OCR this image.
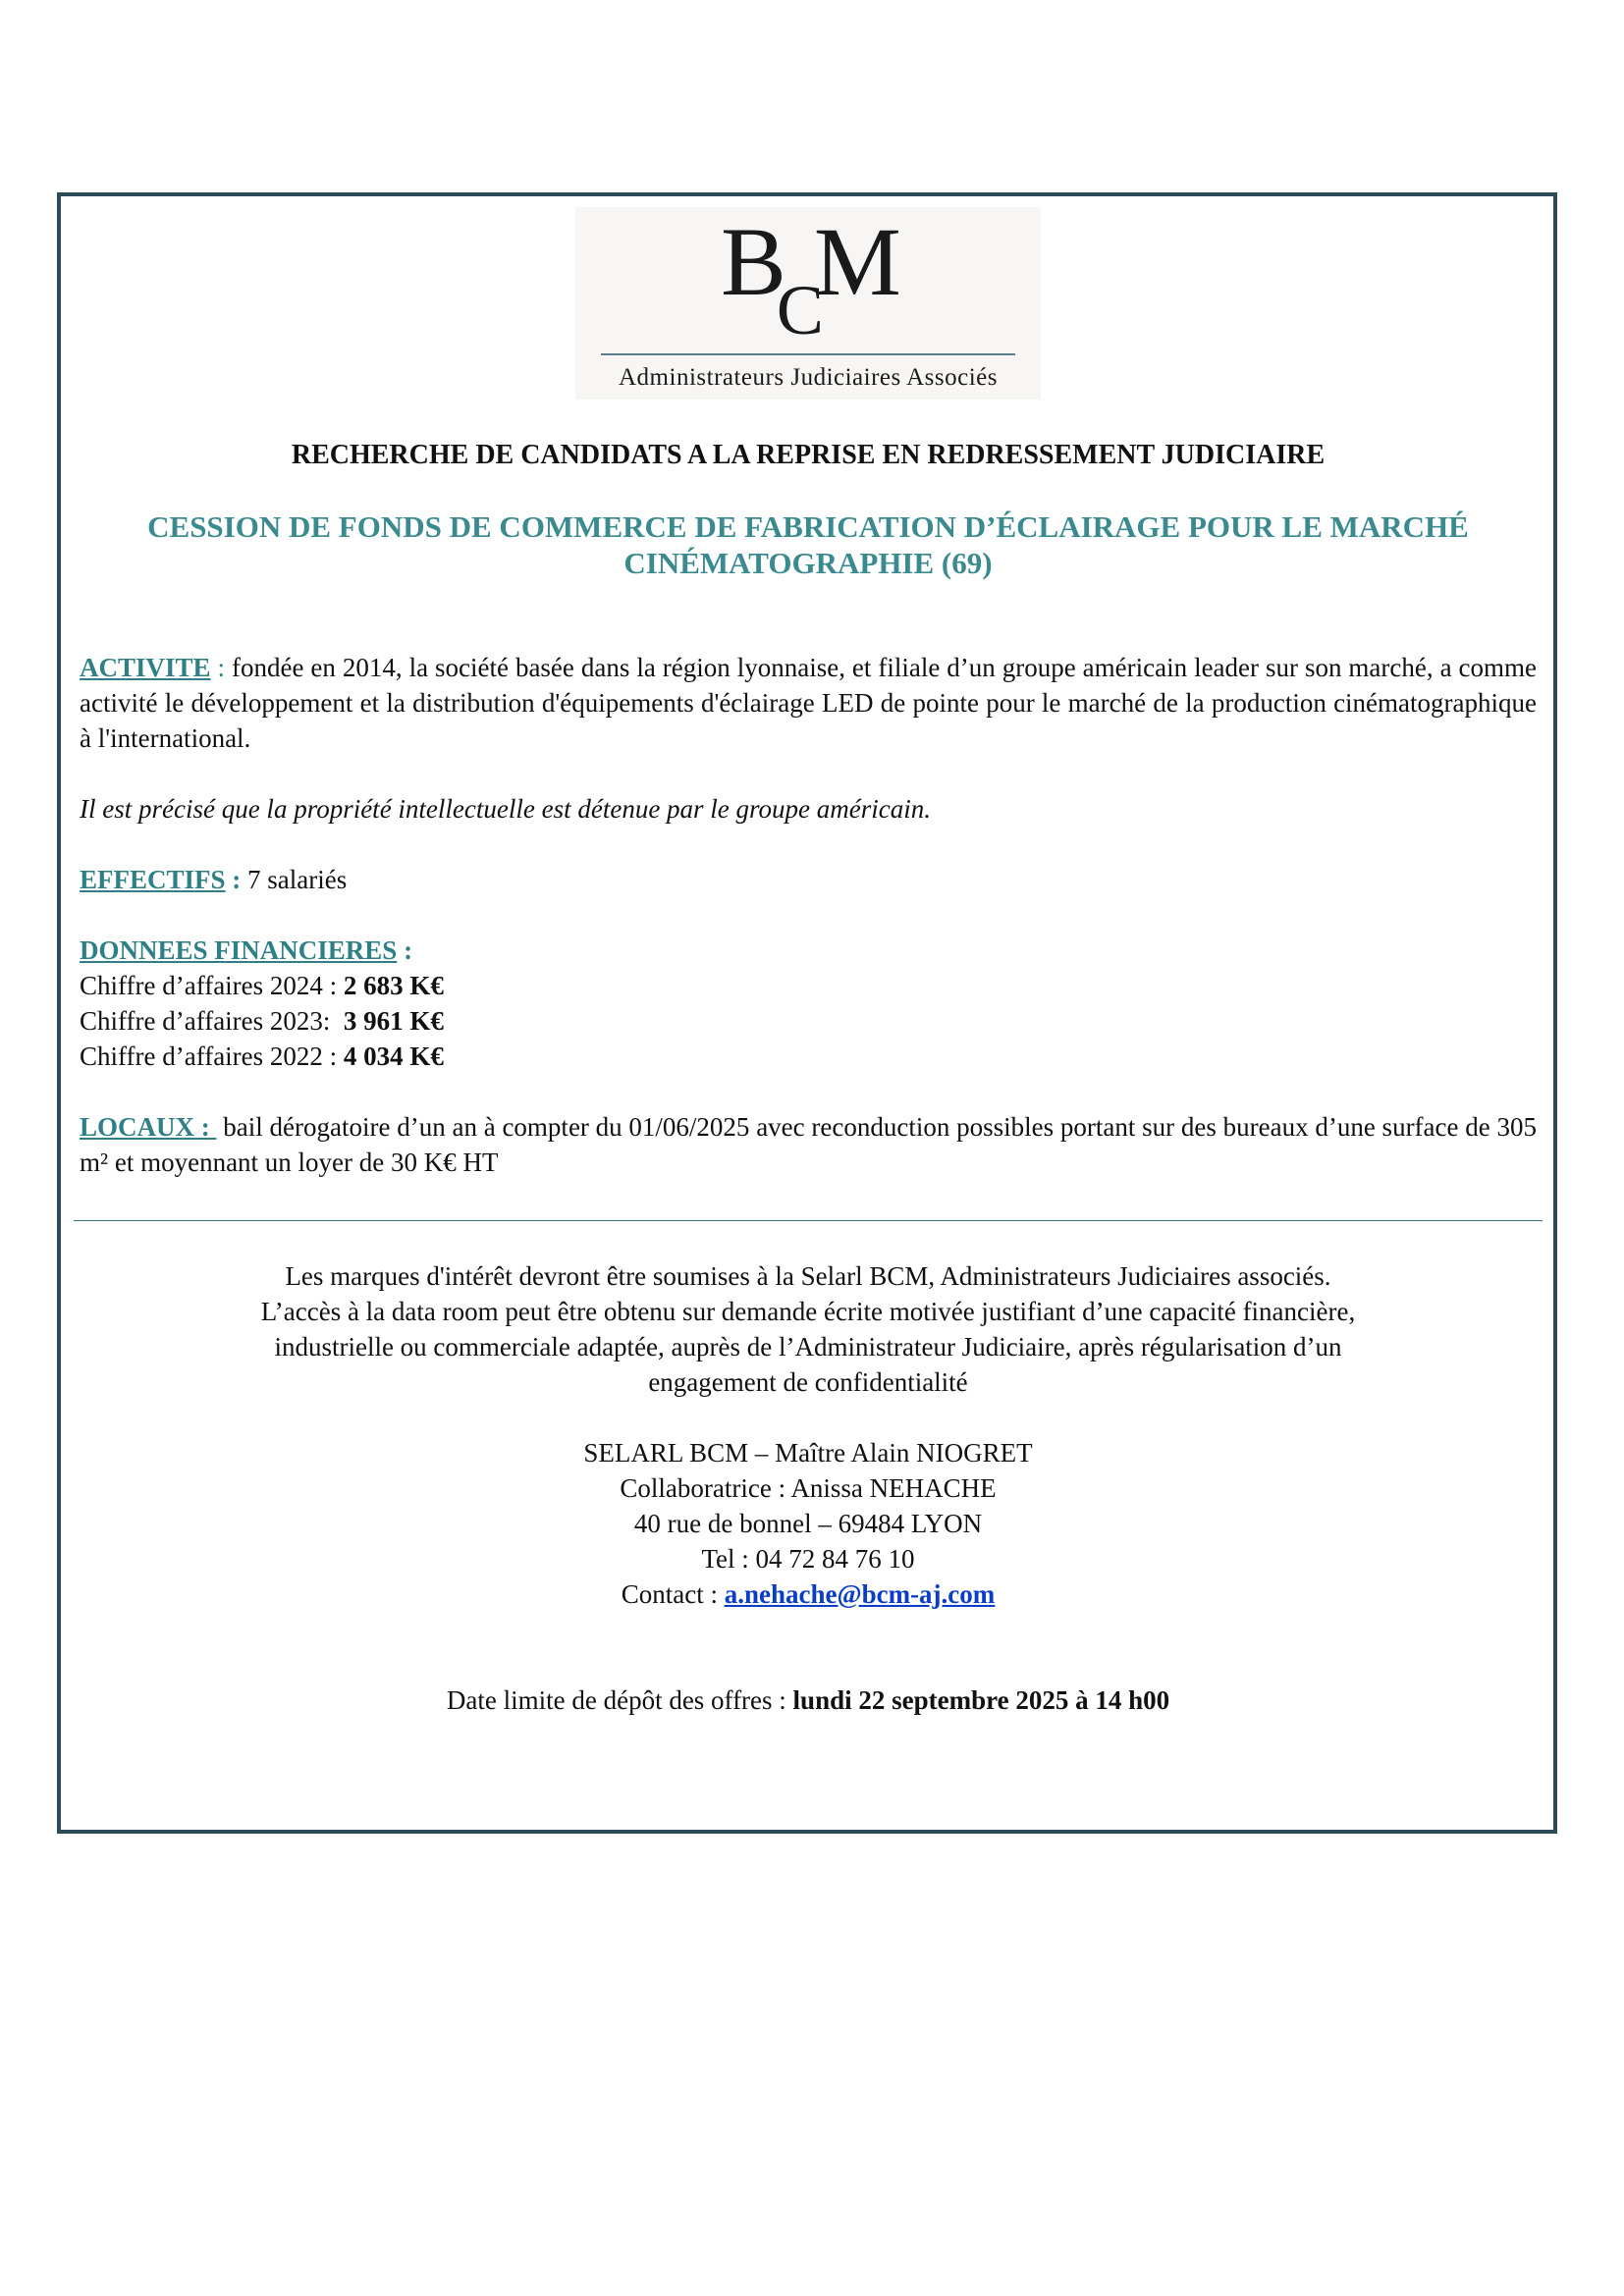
$B_CM$
Administrateurs Judiciaires Associés
RECHERCHE DE CANDIDATS A LA REPRISE EN REDRESSEMENT JUDICIAIRE
CESSION DE FONDS DE COMMERCE DE FABRICATION D’ÉCLAIRAGE POUR LE MARCHÉ
CINÉMATOGRAPHIE (69)
ACTIVITE : fondée en 2014, la société basée dans la région lyonnaise, et filiale d’un groupe américain leader sur son marché, a comme activité le développement et la distribution d'équipements d'éclairage LED de pointe pour le marché de la production cinématographique à l'international.
Il est précisé que la propriété intellectuelle est détenue par le groupe américain.
EFFECTIFS : 7 salariés
DONNEES FINANCIERES :
Chiffre d’affaires 2024 : 2 683 K€
Chiffre d’affaires 2023:  3 961 K€
Chiffre d’affaires 2022 : 4 034 K€
LOCAUX :  bail dérogatoire d’un an à compter du 01/06/2025 avec reconduction possibles portant sur des bureaux d’une surface de 305 m² et moyennant un loyer de 30 K€ HT
Les marques d'intérêt devront être soumises à la Selarl BCM, Administrateurs Judiciaires associés.
L’accès à la data room peut être obtenu sur demande écrite motivée justifiant d’une capacité financière,
industrielle ou commerciale adaptée, auprès de l’Administrateur Judiciaire, après régularisation d’un
engagement de confidentialité
SELARL BCM – Maître Alain NIOGRET
Collaboratrice : Anissa NEHACHE
40 rue de bonnel – 69484 LYON
Tel : 04 72 84 76 10
Contact : a.nehache@bcm-aj.com
Date limite de dépôt des offres : lundi 22 septembre 2025 à 14 h00
